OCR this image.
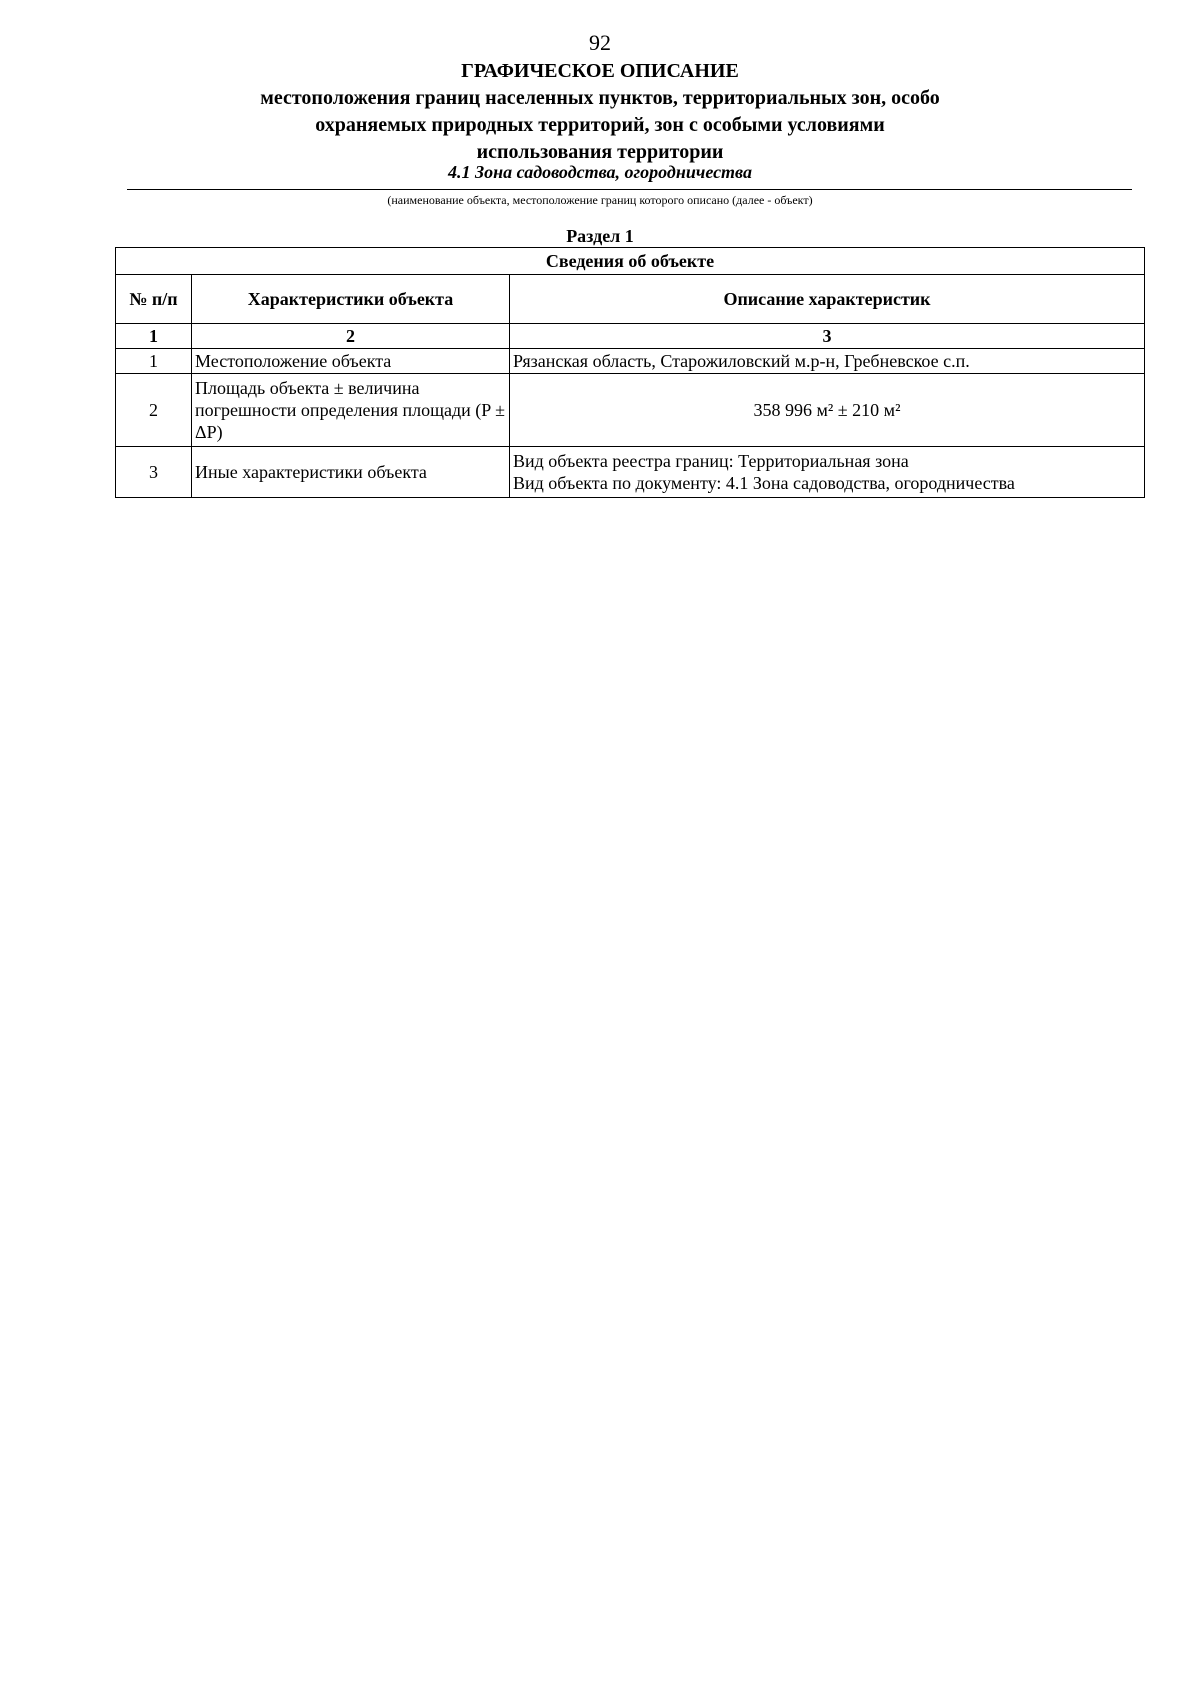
92
ГРАФИЧЕСКОЕ ОПИСАНИЕ
местоположения границ населенных пунктов, территориальных зон, особо охраняемых природных территорий, зон с особыми условиями использования территории
4.1 Зона садоводства, огородничества
(наименование объекта, местоположение границ которого описано (далее - объект)
Раздел 1
Сведения об объекте		
№ п/п	Характеристики объекта	Описание характеристик
1	2	3
1	Местоположение объекта	Рязанская область, Старожиловский м.р-н, Гребневское с.п.

2	Площадь объекта ± величина погрешности определения площади (P ± ΔP)	358 996 м² ± 210 м²

3	Иные характеристики объекта	Вид объекта реестра границ: Территориальная зона
Вид объекта по документу: 4.1 Зона садоводства, огородничества
